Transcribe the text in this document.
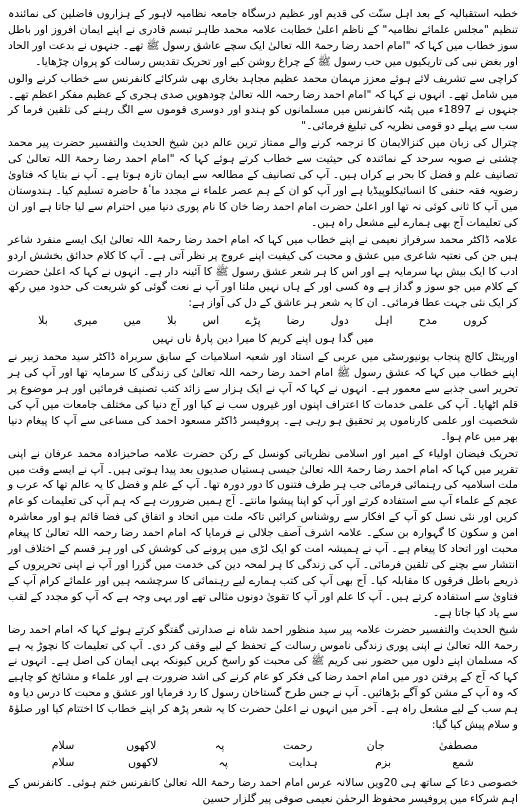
خطبہ استقبالیہ کے بعد اہل سنّت کی قدیم اور عظیم درسگاہ جامعہ نظامیہ لاہور کے ہزاروں فاضلین کی نمائندہ تنظیم "مجلس علمائے نظامیہ" کے ناظم اعلیٰ خطابت علامہ محمد طاہر تبسم قادری نے اپنے ایمان افروز اور باطل سوز خطاب میں کہا کہ "امام احمد رضا رحمۃ اللہ تعالیٰ ایک سچے عاشق رسول ﷺ تھے۔ جنہوں نے بدعت اور الحاد اور بغض نبی کی تاریکیوں میں حب رسول ﷺ کے چراغ روشن کیے اور تحریک تقدیس رسالت کو پروان چڑھایا۔

کراچی سے تشریف لائے ہوئے معزز مہمان محمد عظیم مجاہد بخاری بھی شرکائے کانفرنس سے خطاب کرنے والوں میں شامل تھے۔ انہوں نے کہا کہ "امام احمد رضا رحمہ اللہ تعالیٰ چودھویں صدی ہجری کے عظیم مفکر اعظم تھے۔ جنہوں نے 1897ء میں پٹنہ کانفرنس میں مسلمانوں کو ہندو اور دوسری قوموں سے الگ رہنے کی تلقین فرما کر سب سے پہلے دو قومی نظریہ کی تبلیغ فرمائی۔"

چترال کی زبان میں کنزالایمان کا ترجمہ کرنے والے ممتاز ترین عالم دین شیخ الحدیث والتفسیر حضرت پیر محمد چشتی نے صوبہ سرحد کے نمائندہ کی حیثیت سے خطاب کرتے ہوئے کہا کہ "امام احمد رضا رحمۃ اللہ تعالیٰ کی تصانیف علم و فضل کا بحر بے کراں ہیں۔ آپ کی تصانیف کے مطالعہ سے ایمان تازہ ہوتا ہے۔ آپ نے بتایا کہ فتاویٰ رضویہ فقہ حنفی کا انسائیکلوپیڈیا ہے اور آپ کو ان کے ہم عصر علماء نے مجدد ماٴۃ حاضرہ تسلیم کیا۔ ہندوستان میں آپ کا ثانی کوئی نہ تھا اور اعلیٰ حضرت امام احمد رضا خان کا نام پوری دنیا میں احترام سے لیا جاتا ہے اور ان کی تعلیمات آج بھی ہمارے لیے مشعل راہ ہیں۔

علامہ ڈاکٹر محمد سرفراز نعیمی نے اپنے خطاب میں کہا کہ امام احمد رضا رحمۃ اللہ تعالیٰ ایک ایسے منفرد شاعر ہیں جن کی نعتیہ شاعری میں عشق و محبت کی کیفیت اپنے عروج پر نظر آتی ہے۔ آپ کا کلام حدائق بخشش اردو ادب کا ایک بیش بہا سرمایہ ہے اور اس کا ہر شعر عشق رسول ﷺ کا آئینہ دار ہے۔ انہوں نے کہا کہ اعلیٰ حضرت کے کلام میں جو سوز و گداز ہے وہ کسی اور کے ہاں نہیں ملتا اور آپ نے نعت گوئی کو شریعت کی حدود میں رکھ کر ایک نئی جہت عطا فرمائی۔ ان کا یہ شعر ہر عاشق کے دل کی آواز ہے:

کروں
مدح
اہل
دول
رضا
پڑے
اس
بلا
میں
میری
بلا
میں گدا ہوں اپنے کریم کا میرا دین پارۂ ناں نہیں

اورینٹل کالج پنجاب یونیورسٹی میں عربی کے استاد اور شعبہ اسلامیات کے سابق سربراہ ڈاکٹر سید محمد زبیر نے اپنے خطاب میں کہا کہ عشق رسول ﷺ امام احمد رضا رحمہ اللہ تعالیٰ کی زندگی کا سرمایہ تھا اور آپ کی ہر تحریر اسی جذبے سے معمور ہے۔ انہوں نے کہا کہ آپ نے ایک ہزار سے زائد کتب تصنیف فرمائیں اور ہر موضوع پر قلم اٹھایا۔ آپ کی علمی خدمات کا اعتراف اپنوں اور غیروں سب نے کیا اور آج دنیا کی مختلف جامعات میں آپ کی شخصیت اور علمی کارناموں پر تحقیق ہو رہی ہے۔ پروفیسر ڈاکٹر مسعود احمد کی مساعی سے آپ کا پیغام دنیا بھر میں عام ہوا۔

تحریک فیضان اولیاء کے امیر اور اسلامی نظریاتی کونسل کے رکن حضرت علامہ صاحبزادہ محمد عرفان نے اپنی تقریر میں کہا کہ امام احمد رضا رحمۃ اللہ تعالیٰ جیسی ہستیاں صدیوں بعد پیدا ہوتی ہیں۔ آپ نے ایسے وقت میں ملت اسلامیہ کی رہنمائی فرمائی جب ہر طرف فتنوں کا دور دورہ تھا۔ آپ کے علم و فضل کا یہ عالم تھا کہ عرب و عجم کے علماء آپ سے استفادہ کرتے اور آپ کو اپنا پیشوا مانتے۔ آج ہمیں ضرورت ہے کہ ہم آپ کی تعلیمات کو عام کریں اور نئی نسل کو آپ کے افکار سے روشناس کرائیں تاکہ ملت میں اتحاد و اتفاق کی فضا قائم ہو اور معاشرہ امن و سکون کا گہوارہ بن سکے۔ علامہ اشرف آصف جلالی نے فرمایا کہ امام احمد رضا رحمہ اللہ تعالیٰ کا پیغام محبت اور اتحاد کا پیغام ہے۔ آپ نے ہمیشہ امت کو ایک لڑی میں پرونے کی کوشش کی اور ہر قسم کے اختلاف اور انتشار سے بچنے کی تلقین فرمائی۔ آپ کی زندگی کا ہر لمحہ دین کی خدمت میں گزرا اور آپ نے اپنی تحریروں کے ذریعے باطل فرقوں کا مقابلہ کیا۔ آج بھی آپ کی کتب ہمارے لیے رہنمائی کا سرچشمہ ہیں اور علمائے کرام آپ کے فتاویٰ سے استفادہ کرتے ہیں۔ آپ کا علم اور آپ کا تقویٰ دونوں مثالی تھے اور یہی وجہ ہے کہ آپ کو مجدد کے لقب سے یاد کیا جاتا ہے۔

شیخ الحدیث والتفسیر حضرت علامہ پیر سید منظور احمد شاہ نے صدارتی گفتگو کرتے ہوئے کہا کہ امام احمد رضا رحمۃ اللہ تعالیٰ نے اپنی پوری زندگی ناموس رسالت کے تحفظ کے لیے وقف کر دی۔ آپ کی تعلیمات کا نچوڑ یہ ہے کہ مسلمان اپنے دلوں میں حضور نبی کریم ﷺ کی محبت کو راسخ کریں کیونکہ یہی ایمان کی اصل ہے۔ انہوں نے کہا کہ آج کے پرفتن دور میں امام احمد رضا کی فکر کو عام کرنے کی اشد ضرورت ہے اور علماء و مشائخ کو چاہیے کہ وہ آپ کے مشن کو آگے بڑھائیں۔ آپ نے جس طرح گستاخان رسول کا رد فرمایا اور عشق و محبت کا درس دیا وہ ہم سب کے لیے مشعل راہ ہے۔ آخر میں انہوں نے اعلیٰ حضرت کا یہ شعر پڑھ کر اپنے خطاب کا اختتام کیا اور صلوٰۃ و سلام پیش کیا گیا:

مصطفیٰ
جان
رحمت
پہ
لاکھوں
سلام
شمع
بزم
ہدایت
پہ
لاکھوں
سلام

خصوصی دعا کے ساتھ ہی 20ویں سالانہ عرس امام احمد رضا رحمۃ اللہ تعالیٰ کانفرنس ختم ہوئی۔ کانفرنس کے اہم شرکاء میں پروفیسر محفوظ الرحمٰن نعیمی صوفی پیر گلزار حسین
